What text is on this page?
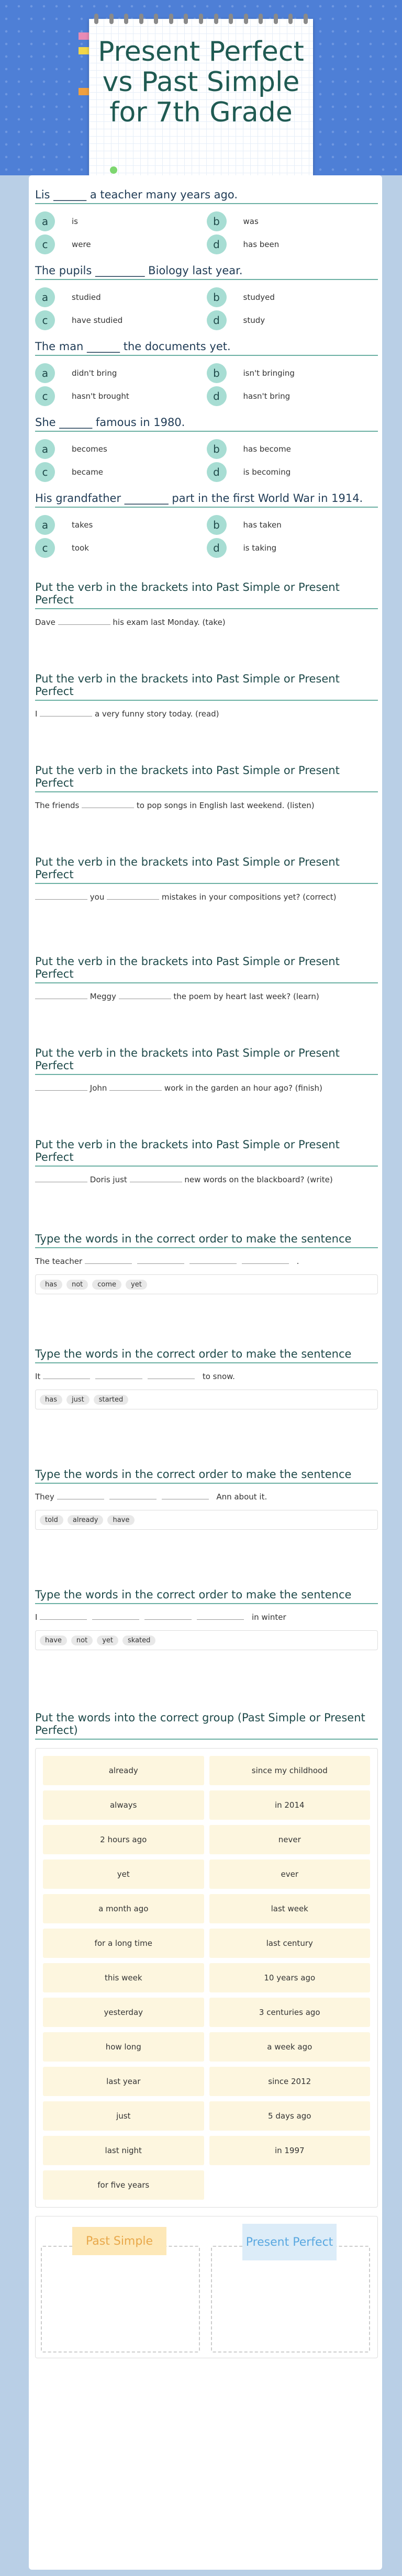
Present Perfect vs Past Simple for 7th Grade

Lis ______ a teacher many years ago.

a	is	b	was
c	were	d	has been

The pupils _________ Biology last year.

a	studied	b	studyed
c	have studied	d	study

The man ______ the documents yet.

a	didn't bring	b	isn't bringing
c	hasn't brought	d	hasn't bring

She ______ famous in 1980.

a	becomes	b	has become
c	became	d	is becoming

His grandfather ________ part in the first World War in 1914.

a	takes	b	has taken
c	took	d	is taking

Put the verb in the brackets into Past Simple or Present Perfect

Dave	his exam last Monday. (take)

Put the verb in the brackets into Past Simple or Present Perfect

I	a very funny story today. (read)

Put the verb in the brackets into Past Simple or Present Perfect

The friends	to pop songs in English last weekend. (listen)

Put the verb in the brackets into Past Simple or Present Perfect

you	mistakes in your compositions yet? (correct)

Put the verb in the brackets into Past Simple or Present Perfect

Meggy	the poem by heart last week? (learn)

Put the verb in the brackets into Past Simple or Present Perfect

John	work in the garden an hour ago? (finish)

Put the verb in the brackets into Past Simple or Present Perfect

Doris just	new words on the blackboard? (write)

Type the words in the correct order to make the sentence

The teacher	.
has	not	come	yet

Type the words in the correct order to make the sentence

It	to snow.
has	just	started

Type the words in the correct order to make the sentence

They	Ann about it.
told	already	have

Type the words in the correct order to make the sentence

I	in winter
have	not	yet	skated

Put the words into the correct group (Past Simple or Present Perfect)

already	since my childhood
always	in 2014
2 hours ago	never
yet	ever
a month ago	last week
for a long time	last century
this week	10 years ago
yesterday	3 centuries ago
how long	a week ago
last year	since 2012
just	5 days ago
last night	in 1997
for five years
Past Simple	Present Perfect
